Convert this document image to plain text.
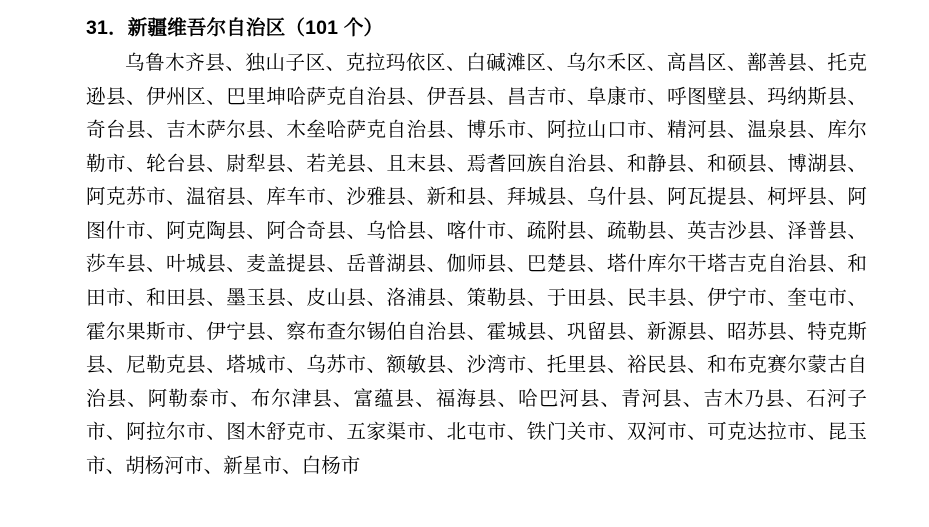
31．新疆维吾尔自治区（101 个）

乌鲁木齐县、独山子区、克拉玛依区、白碱滩区、乌尔禾区、高昌区、鄯善县、托克逊县、伊州区、巴里坤哈萨克自治县、伊吾县、昌吉市、阜康市、呼图壁县、玛纳斯县、奇台县、吉木萨尔县、木垒哈萨克自治县、博乐市、阿拉山口市、精河县、温泉县、库尔勒市、轮台县、尉犁县、若羌县、且末县、焉耆回族自治县、和静县、和硕县、博湖县、阿克苏市、温宿县、库车市、沙雅县、新和县、拜城县、乌什县、阿瓦提县、柯坪县、阿图什市、阿克陶县、阿合奇县、乌恰县、喀什市、疏附县、疏勒县、英吉沙县、泽普县、莎车县、叶城县、麦盖提县、岳普湖县、伽师县、巴楚县、塔什库尔干塔吉克自治县、和田市、和田县、墨玉县、皮山县、洛浦县、策勒县、于田县、民丰县、伊宁市、奎屯市、霍尔果斯市、伊宁县、察布查尔锡伯自治县、霍城县、巩留县、新源县、昭苏县、特克斯县、尼勒克县、塔城市、乌苏市、额敏县、沙湾市、托里县、裕民县、和布克赛尔蒙古自治县、阿勒泰市、布尔津县、富蕴县、福海县、哈巴河县、青河县、吉木乃县、石河子市、阿拉尔市、图木舒克市、五家渠市、北屯市、铁门关市、双河市、可克达拉市、昆玉市、胡杨河市、新星市、白杨市
